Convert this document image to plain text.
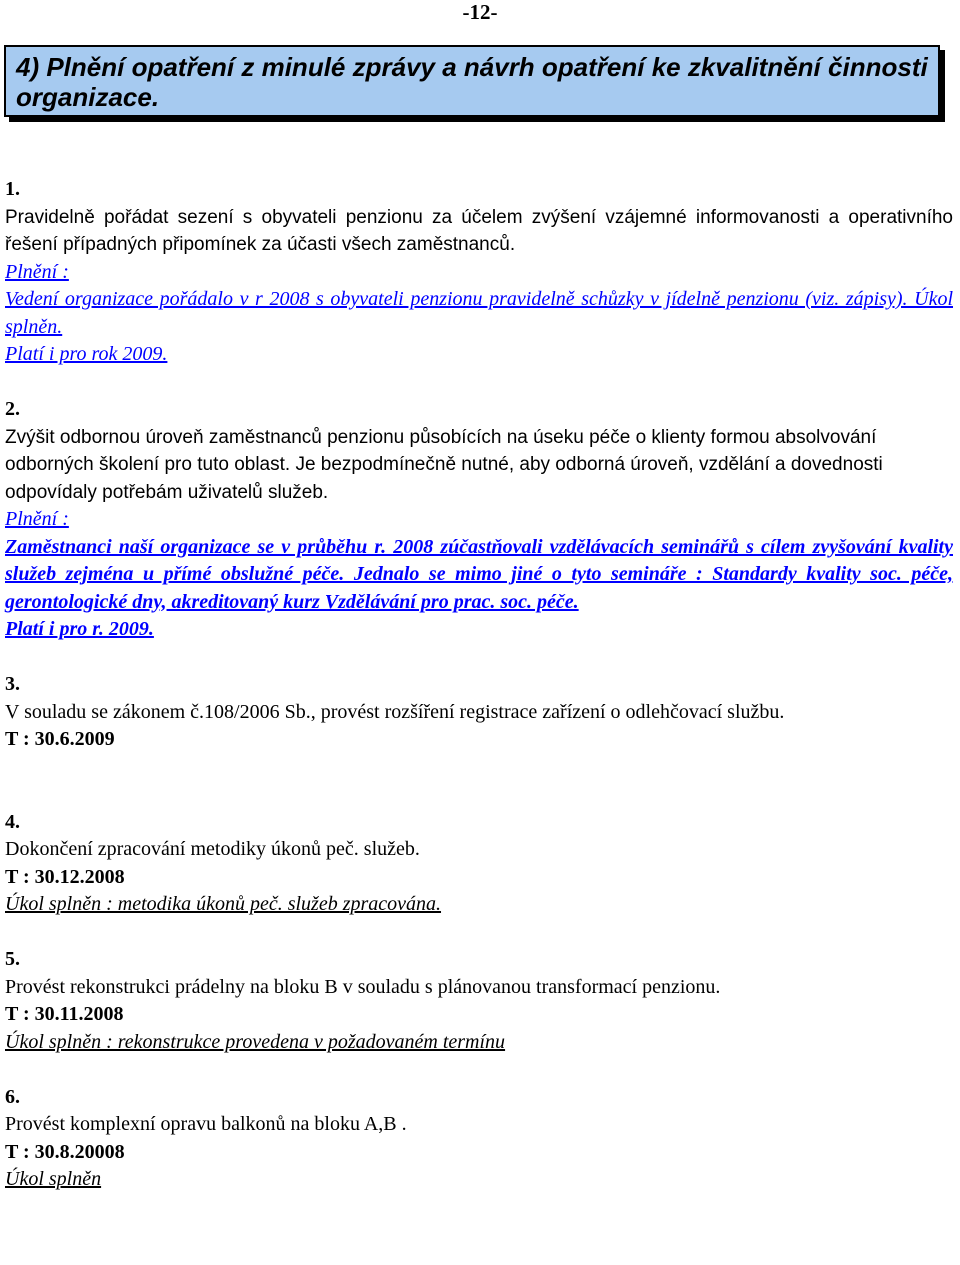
-12-
4) Plnění opatření z minulé zprávy a návrh opatření ke zkvalitnění činnosti organizace.

1.

Pravidelně pořádat sezení s obyvateli penzionu za účelem zvýšení vzájemné informovanosti a operativního řešení případných připomínek za účasti všech zaměstnanců.

Plnění :

Vedení organizace pořádalo v r 2008 s obyvateli penzionu pravidelně schůzky v jídelně penzionu (viz. zápisy). Úkol splněn.

Platí i pro rok 2009.

2.

Zvýšit odbornou úroveň zaměstnanců penzionu působících na úseku péče o klienty formou absolvování odborných školení pro tuto oblast. Je bezpodmínečně nutné, aby odborná úroveň, vzdělání a dovednosti odpovídaly potřebám uživatelů služeb.

Plnění :

Zaměstnanci naší organizace se v průběhu r. 2008 zúčastňovali vzdělávacích seminářů s cílem zvyšování kvality služeb zejména u přímé obslužné péče. Jednalo se mimo jiné o tyto semináře : Standardy kvality soc. péče, gerontologické dny, akreditovaný kurz Vzdělávání pro prac. soc. péče.

Platí i pro r. 2009.

3.

V souladu se zákonem č.108/2006 Sb., provést rozšíření registrace zařízení o odlehčovací službu.

T : 30.6.2009

4.

Dokončení zpracování metodiky úkonů peč. služeb.

T : 30.12.2008

Úkol splněn : metodika úkonů peč. služeb zpracována.

5.

Provést rekonstrukci prádelny na bloku B v souladu s plánovanou transformací penzionu.

T : 30.11.2008

Úkol splněn : rekonstrukce provedena v požadovaném termínu

6.

Provést komplexní opravu balkonů na bloku A,B .

T : 30.8.20008

Úkol splněn
